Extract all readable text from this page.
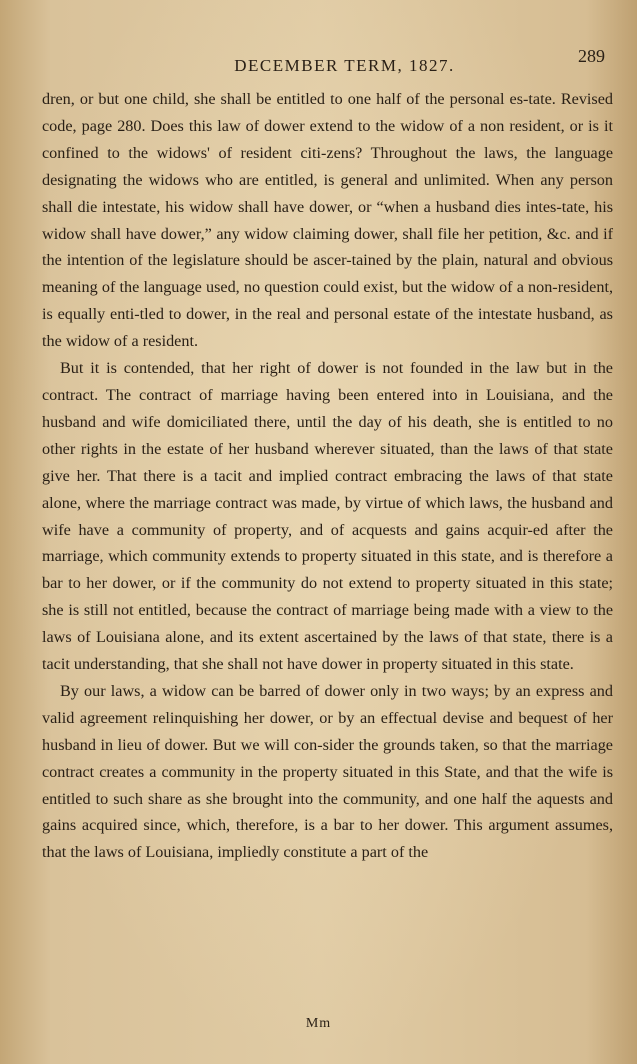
DECEMBER TERM, 1827.	289

dren, or but one child, she shall be entitled to one half of the personal es-tate. Revised code, page 280. Does this law of dower extend to the widow of a non resident, or is it confined to the widows' of resident citi-zens? Throughout the laws, the language designating the widows who are entitled, is general and unlimited. When any person shall die intestate, his widow shall have dower, or “when a husband dies intes-tate, his widow shall have dower,” any widow claiming dower, shall file her petition, &c. and if the intention of the legislature should be ascer-tained by the plain, natural and obvious meaning of the language used, no question could exist, but the widow of a non-resident, is equally enti-tled to dower, in the real and personal estate of the intestate husband, as the widow of a resident.

But it is contended, that her right of dower is not founded in the law but in the contract. The contract of marriage having been entered into in Louisiana, and the husband and wife domiciliated there, until the day of his death, she is entitled to no other rights in the estate of her husband wherever situated, than the laws of that state give her. That there is a tacit and implied contract embracing the laws of that state alone, where the marriage contract was made, by virtue of which laws, the husband and wife have a community of property, and of acquests and gains acquir-ed after the marriage, which community extends to property situated in this state, and is therefore a bar to her dower, or if the community do not extend to property situated in this state; she is still not entitled, because the contract of marriage being made with a view to the laws of Louisiana alone, and its extent ascertained by the laws of that state, there is a tacit understanding, that she shall not have dower in property situated in this state.

By our laws, a widow can be barred of dower only in two ways; by an express and valid agreement relinquishing her dower, or by an effectual devise and bequest of her husband in lieu of dower. But we will con-sider the grounds taken, so that the marriage contract creates a community in the property situated in this State, and that the wife is entitled to such share as she brought into the community, and one half the aquests and gains acquired since, which, therefore, is a bar to her dower. This argument assumes, that the laws of Louisiana, impliedly constitute a part of the

Mm
